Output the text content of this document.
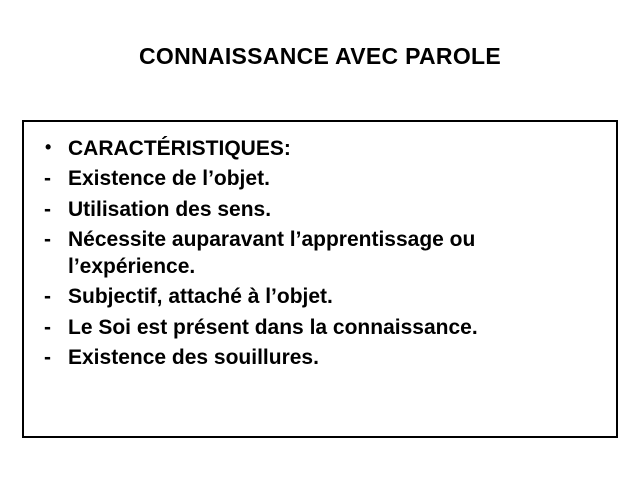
CONNAISSANCE AVEC PAROLE
• CARACTÉRISTIQUES:
- Existence de l’objet.
- Utilisation des sens.
- Nécessite auparavant l’apprentissage ou l’expérience.
- Subjectif, attaché à l’objet.
- Le Soi est présent dans la connaissance.
- Existence des souillures.
